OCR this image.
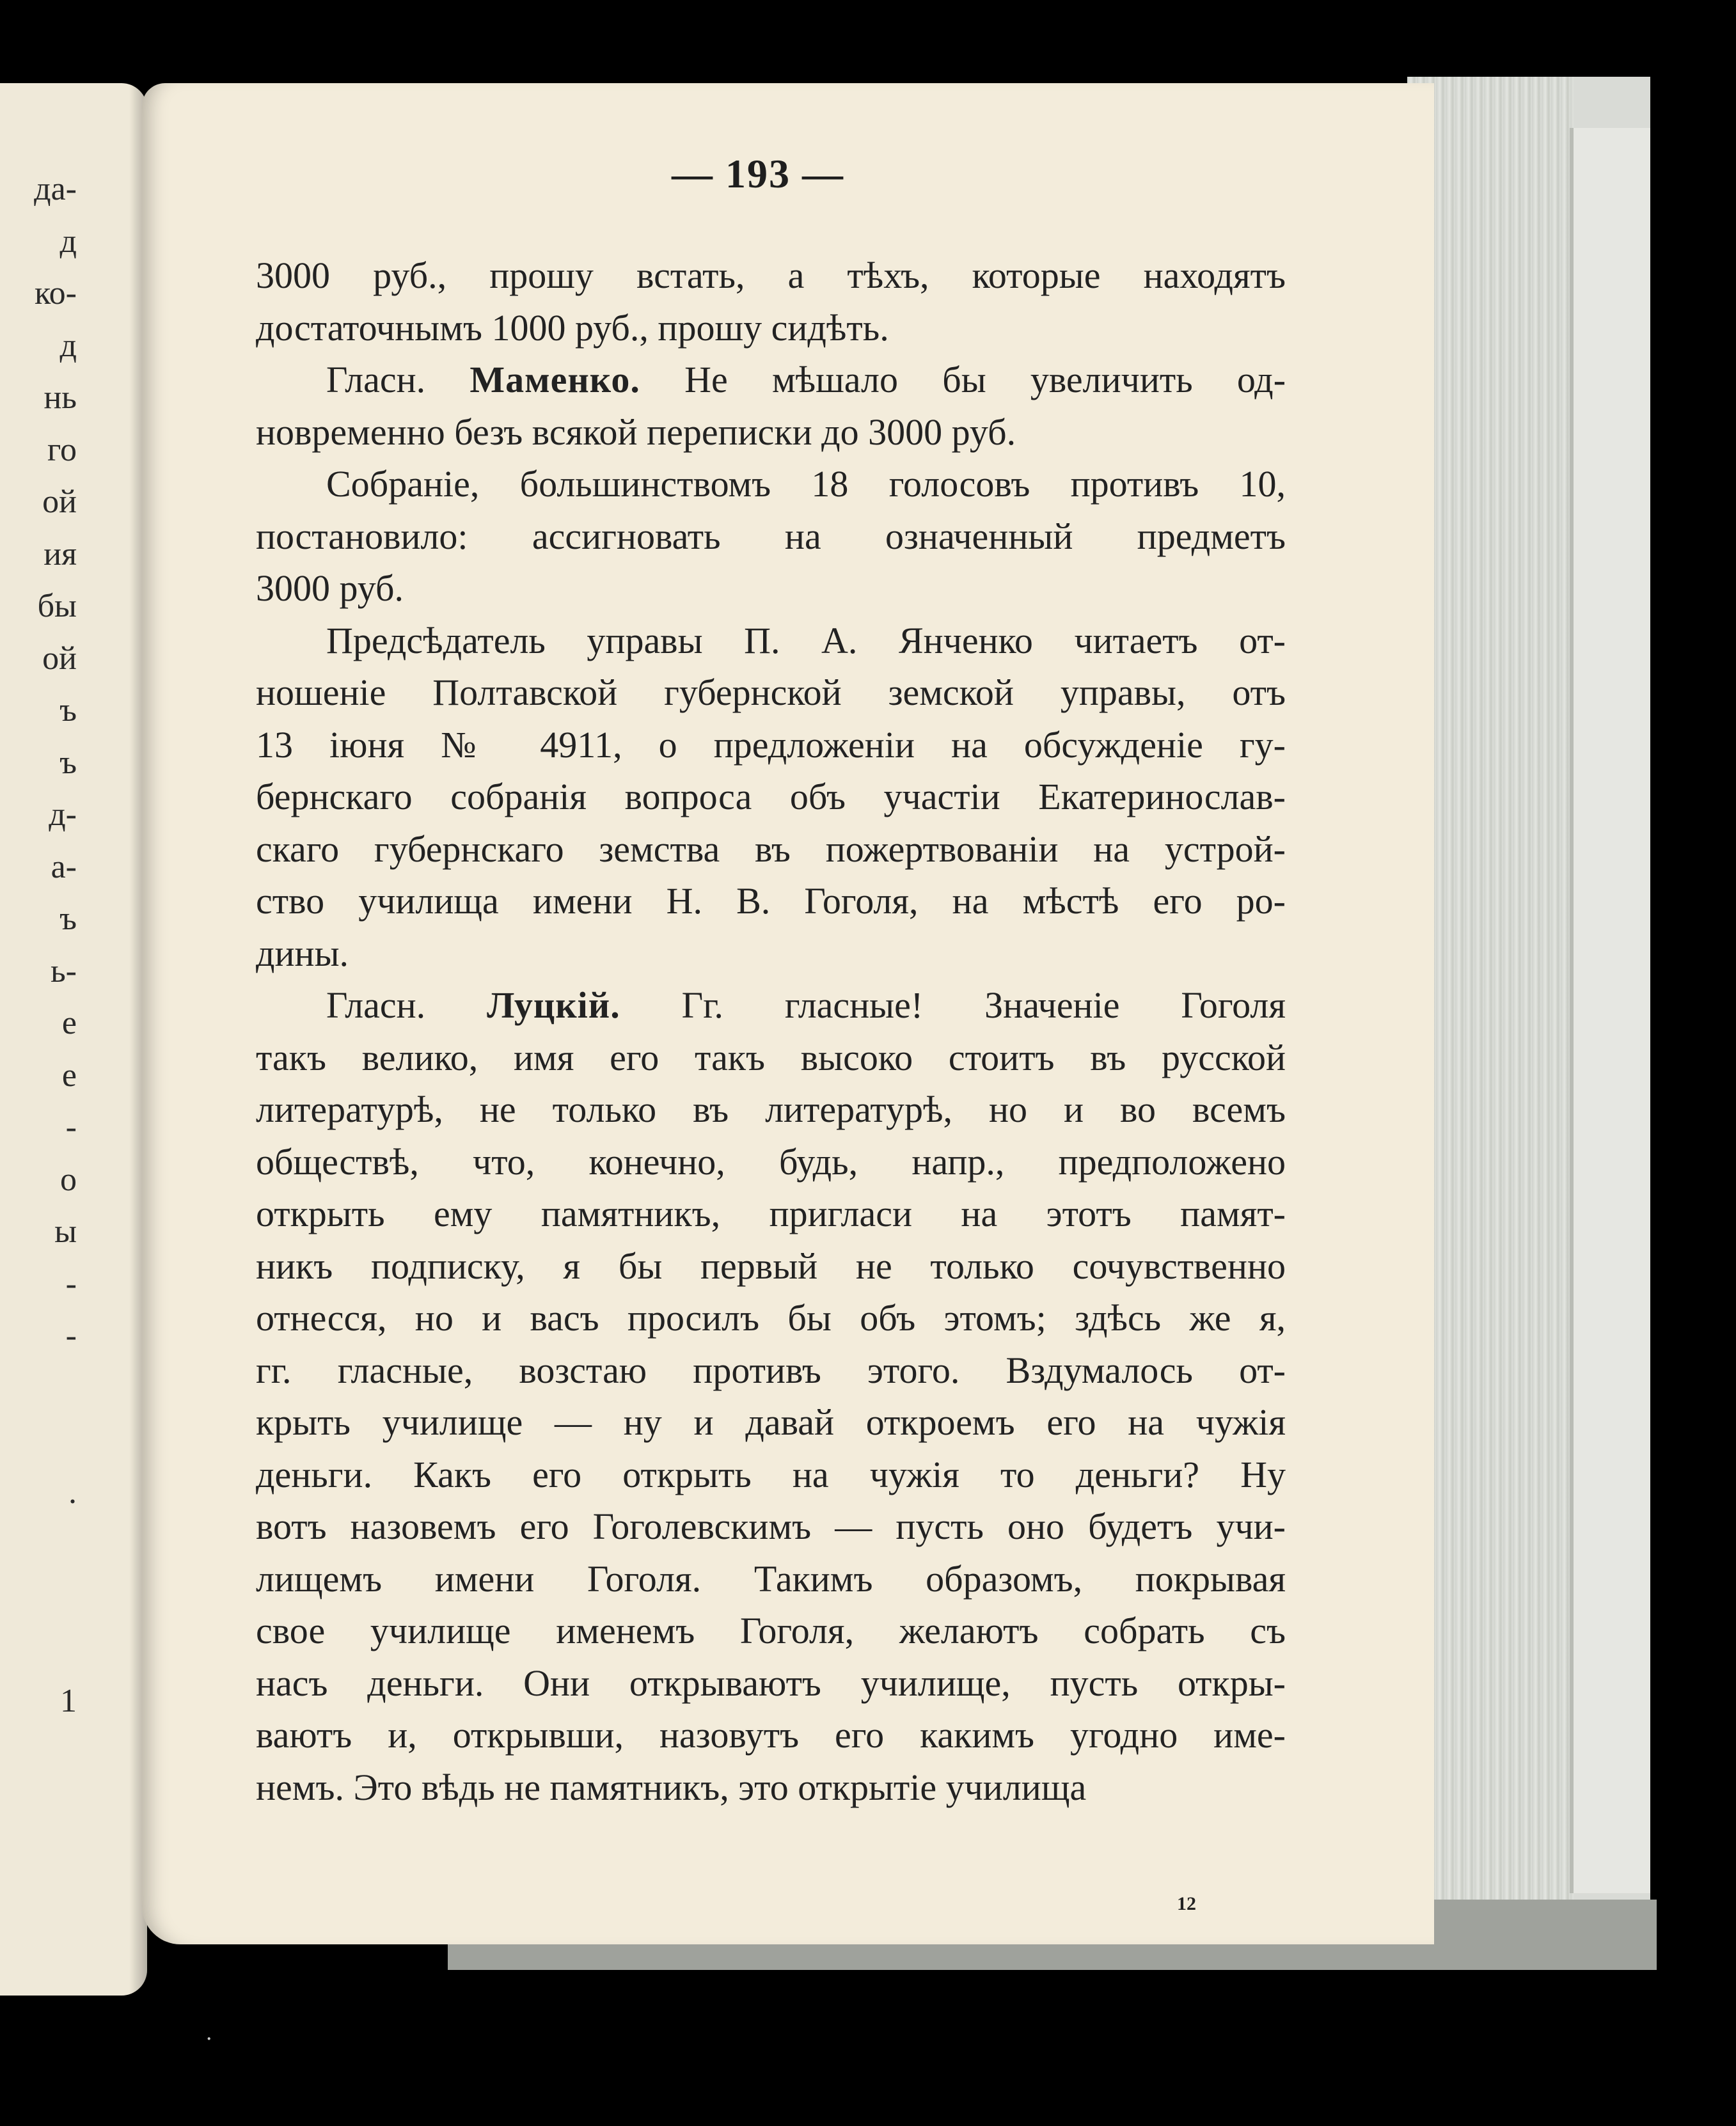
да-
д
ко-
д
нь
го
ой
ия
бы
ой
ъ
ъ
д-
а-
ъ
ь-
е
е
-
о
ы
-
-
.
1
— 193 —
3000 руб., прошу встать, а тѣхъ, которые находятъ
достаточнымъ 1000 руб., прошу сидѣть.
Гласн. Маменко. Не мѣшало бы увеличить од-
новременно безъ всякой переписки до 3000 руб.
Собраніе, большинствомъ 18 голосовъ противъ 10,
постановило: ассигновать на означенный предметъ
3000 руб.
Предсѣдатель управы П. А. Янченко читаетъ от-
ношеніе Полтавской губернской земской управы, отъ
13 іюня № 4911, о предложеніи на обсужденіе гу-
бернскаго собранія вопроса объ участіи Екатеринослав-
скаго губернскаго земства въ пожертвованіи на устрой-
ство училища имени Н. В. Гоголя, на мѣстѣ его ро-
дины.
Гласн. Луцкій. Гг. гласные! Значеніе Гоголя
такъ велико, имя его такъ высоко стоитъ въ русской
литературѣ, не только въ литературѣ, но и во всемъ
обществѣ, что, конечно, будь, напр., предположено
открыть ему памятникъ, пригласи на этотъ памят-
никъ подписку, я бы первый не только сочувственно
отнесся, но и васъ просилъ бы объ этомъ; здѣсь же я,
гг. гласные, возстаю противъ этого. Вздумалось от-
крыть училище — ну и давай откроемъ его на чужія
деньги. Какъ его открыть на чужія то деньги? Ну
вотъ назовемъ его Гоголевскимъ — пусть оно будетъ учи-
лищемъ имени Гоголя. Такимъ образомъ, покрывая
свое училище именемъ Гоголя, желаютъ собрать съ
насъ деньги. Они открываютъ училище, пусть откры-
ваютъ и, открывши, назовутъ его какимъ угодно име-
немъ. Это вѣдь не памятникъ, это открытіе училища
12
˙
